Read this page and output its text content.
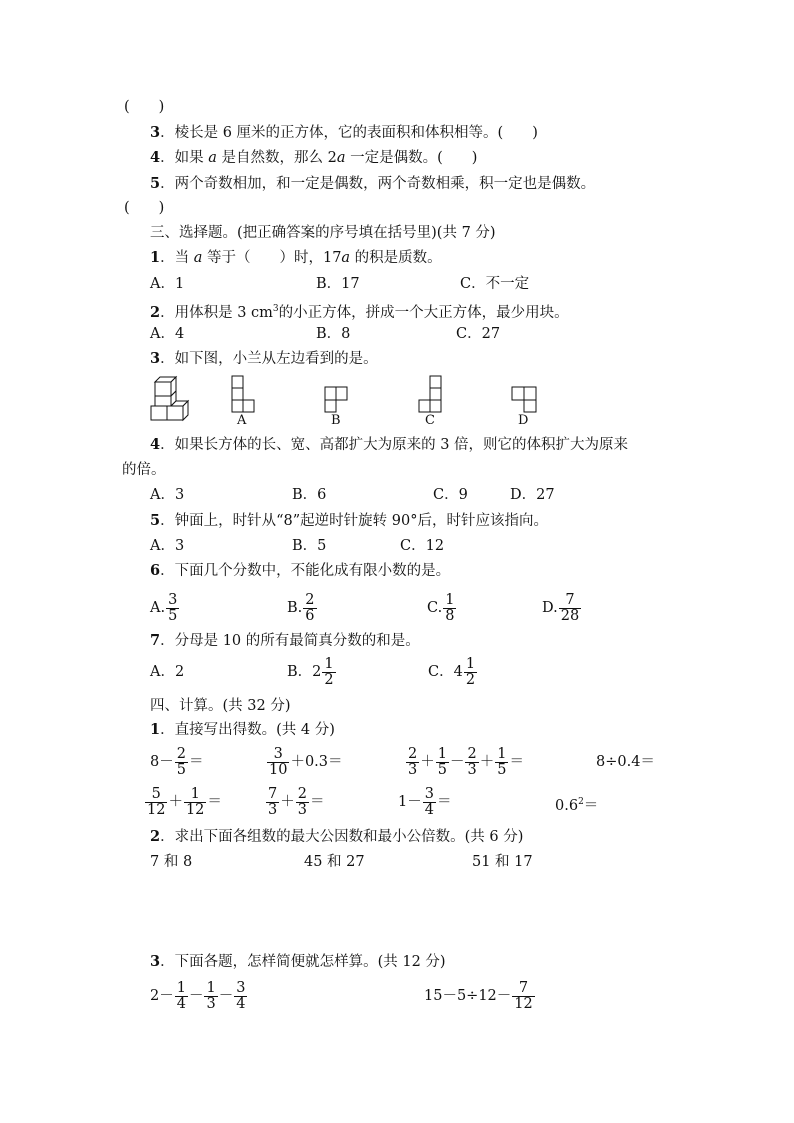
(　　)
3．棱长是 6 厘米的正方体，它的表面积和体积相等。(　　)
4．如果 a 是自然数，那么 2a 一定是偶数。(　　)
5．两个奇数相加，和一定是偶数，两个奇数相乘，积一定也是偶数。
(　　)
三、选择题。(把正确答案的序号填在括号里)(共 7 分)
1．当 a 等于（　　）时，17a 的积是质数。
A．1	B．17	C．不一定
2．用体积是 3 $cm^3$的小正方体，拼成一个大正方体，最少用块。
A．4	B．8	C．27
3．如下图，小兰从左边看到的是。
A	B	C	D
4．如果长方体的长、宽、高都扩大为原来的 3 倍，则它的体积扩大为原来
的倍。
A．3	B．6	C．9	D．27
5．钟面上，时针从“8”起逆时针旋转 90°后，时针应该指向。
A．3	B．5	C．12
6．下面几个分数中，不能化成有限小数的是。
A. $\frac{3}{5}$	B. $\frac{2}{6}$	C. $\frac{1}{8}$	D. $\frac{7}{28}$
7．分母是 10 的所有最简真分数的和是。
A．2	B．$2 \frac{1}{2}$	C．$4 \frac{1}{2}$
四、计算。(共 32 分)
1．直接写出得数。(共 4 分)
$8- \frac{2}{5}$ ＝	$\frac{3}{10} +0.3=$	$\frac{2}{3} + \frac{1}{5} - \frac{2}{3} + \frac{1}{5}$ ＝	8÷0.4＝
$\frac{5}{12} + \frac{1}{12}$ ＝	$\frac{7}{3} + \frac{2}{3}$ ＝	$1- \frac{3}{4}$ ＝	$0.6^2=$
2．求出下面各组数的最大公因数和最小公倍数。(共 6 分)
7 和 8	45 和 27	51 和 17
3．下面各题，怎样简便就怎样算。(共 12 分)
$2- \frac{1}{4} - \frac{1}{3} - \frac{3}{4}$	$15-5\div 12- \frac{7}{12}$
